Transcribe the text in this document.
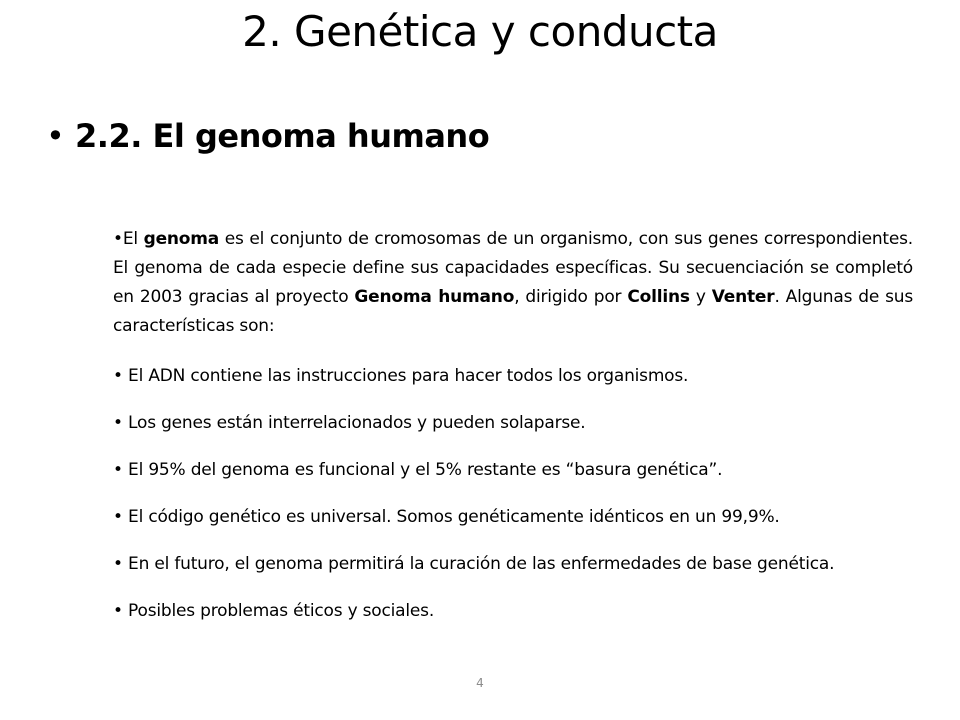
2. Genética y conducta
• 2.2. El genoma humano

•El genoma es el conjunto de cromosomas de un organismo, con sus genes correspondientes. El genoma de cada especie define sus capacidades específicas. Su secuenciación se completó en 2003 gracias al proyecto Genoma humano, dirigido por Collins y Venter. Algunas de sus características son:

• El ADN contiene las instrucciones para hacer todos los organismos.
• Los genes están interrelacionados y pueden solaparse.
• El 95% del genoma es funcional y el 5% restante es “basura genética”.
• El código genético es universal. Somos genéticamente idénticos en un 99,9%.
• En el futuro, el genoma permitirá la curación de las enfermedades de base genética.
• Posibles problemas éticos y sociales.
4
